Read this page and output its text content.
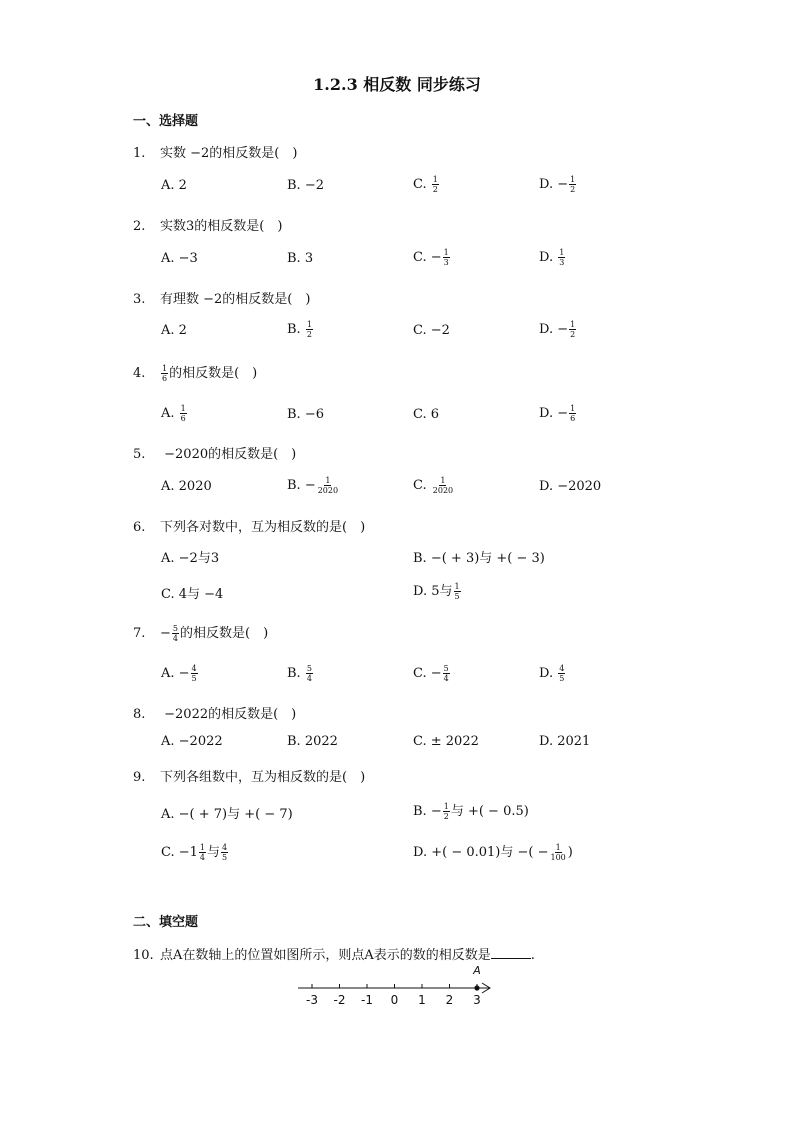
1.2.3 相反数 同步练习
一、选择题
1. 实数 −2的相反数是(　)
A. 2	B. −2	C. $\frac{1}{2}$	D. − $\frac{1}{2}$
2. 实数3的相反数是(　)
A. −3	B. 3	C. − $\frac{1}{3}$	D. $\frac{1}{3}$
3. 有理数 −2的相反数是(　)
A. 2	B. $\frac{1}{2}$	C. −2	D. − $\frac{1}{2}$
4. $\frac{1}{6}$ 的相反数是(　)
A. $\frac{1}{6}$	B. −6	C. 6	D. − $\frac{1}{6}$
5. −2020的相反数是(　)
A. 2020	B. − $\frac{1}{2020}$	C. $\frac{1}{2020}$	D. −2020
6. 下列各对数中，互为相反数的是(　)
A. −2与3	B. −( + 3)与 +( − 3)
C. 4与 −4	D. 5与 $\frac{1}{5}$
7. − $\frac{5}{4}$ 的相反数是(　)
A. − $\frac{4}{5}$	B. $\frac{5}{4}$	C. − $\frac{5}{4}$	D. $\frac{4}{5}$
8. −2022的相反数是(　)
A. −2022	B. 2022	C. ± 2022	D. 2021
9. 下列各组数中，互为相反数的是(　)
A. −( + 7)与 +( − 7)	B. − $\frac{1}{2}$ 与 +( − 0.5)
C. $-1 \frac{1}{4}$ 与 $\frac{4}{5}$	D. +( − 0.01)与 −( − $\frac{1}{100}$ )
二、填空题
10. 点A在数轴上的位置如图所示，则点A表示的数的相反数是	.
-3 -2 -1 0 1 2 3
A
